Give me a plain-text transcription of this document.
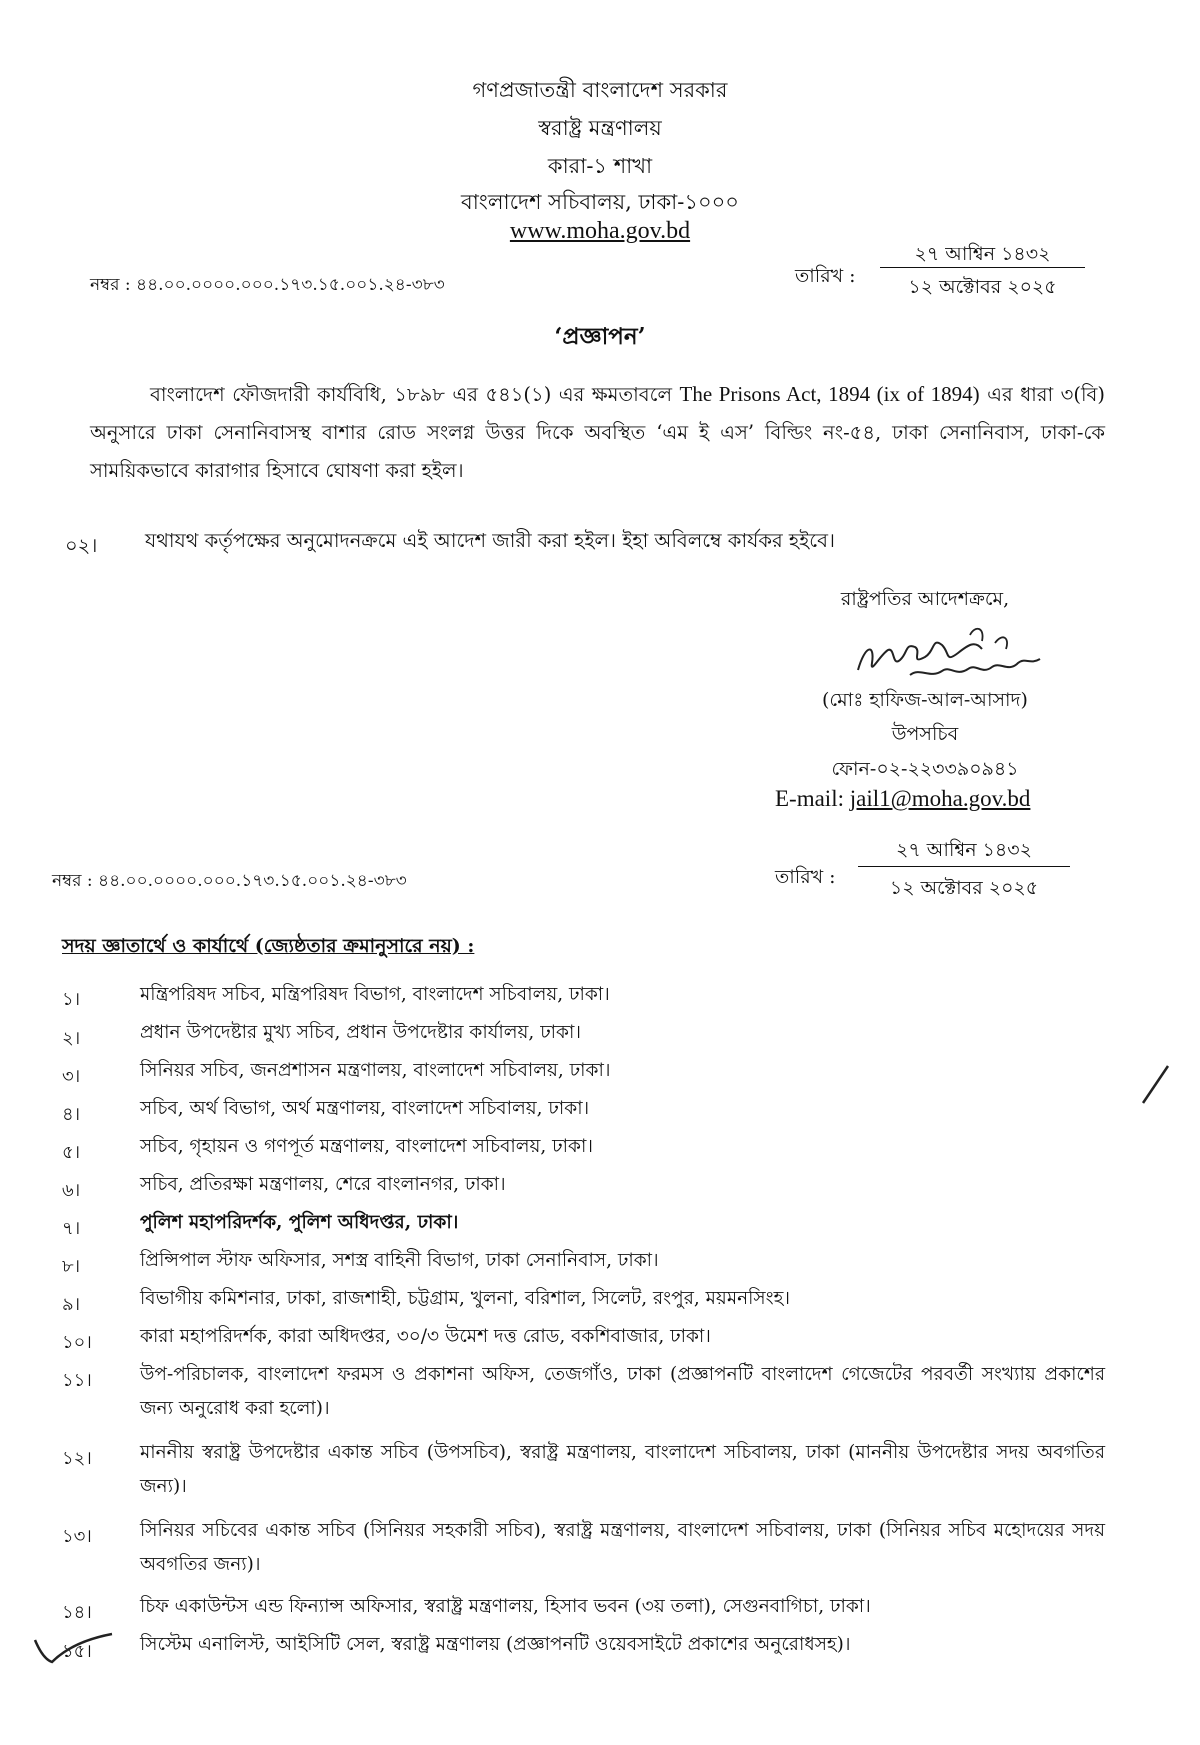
গণপ্রজাতন্ত্রী বাংলাদেশ সরকার
স্বরাষ্ট্র মন্ত্রণালয়
কারা-১ শাখা
বাংলাদেশ সচিবালয়, ঢাকা-১০০০
www.moha.gov.bd
নম্বর : ৪৪.০০.০০০০.০০০.১৭৩.১৫.০০১.২৪-৩৮৩	তারিখ :
২৭ আশ্বিন ১৪৩২
১২ অক্টোবর ২০২৫
‘প্রজ্ঞাপন’
বাংলাদেশ ফৌজদারী কার্যবিধি, ১৮৯৮ এর ৫৪১(১) এর ক্ষমতাবলে The Prisons Act, 1894 (ix of 1894) এর ধারা ৩(বি) অনুসারে ঢাকা সেনানিবাসস্থ বাশার রোড সংলগ্ন উত্তর দিকে অবস্থিত ‘এম ই এস’ বিল্ডিং নং-৫৪, ঢাকা সেনানিবাস, ঢাকা-কে সাময়িকভাবে কারাগার হিসাবে ঘোষণা করা হইল।
০২। যথাযথ কর্তৃপক্ষের অনুমোদনক্রমে এই আদেশ জারী করা হইল। ইহা অবিলম্বে কার্যকর হইবে।
রাষ্ট্রপতির আদেশক্রমে,
(মোঃ হাফিজ-আল-আসাদ)
উপসচিব
ফোন-০২-২২৩৩৯০৯৪১
E-mail: jail1@moha.gov.bd
নম্বর : ৪৪.০০.০০০০.০০০.১৭৩.১৫.০০১.২৪-৩৮৩	তারিখ :
২৭ আশ্বিন ১৪৩২
১২ অক্টোবর ২০২৫
সদয় জ্ঞাতার্থে ও কার্যার্থে (জ্যেষ্ঠতার ক্রমানুসারে নয়) :
১।	মন্ত্রিপরিষদ সচিব, মন্ত্রিপরিষদ বিভাগ, বাংলাদেশ সচিবালয়, ঢাকা।
২।	প্রধান উপদেষ্টার মুখ্য সচিব, প্রধান উপদেষ্টার কার্যালয়, ঢাকা।
৩।	সিনিয়র সচিব, জনপ্রশাসন মন্ত্রণালয়, বাংলাদেশ সচিবালয়, ঢাকা।
৪।	সচিব, অর্থ বিভাগ, অর্থ মন্ত্রণালয়, বাংলাদেশ সচিবালয়, ঢাকা।
৫।	সচিব, গৃহায়ন ও গণপূর্ত মন্ত্রণালয়, বাংলাদেশ সচিবালয়, ঢাকা।
৬।	সচিব, প্রতিরক্ষা মন্ত্রণালয়, শেরে বাংলানগর, ঢাকা।
৭।	পুলিশ মহাপরিদর্শক, পুলিশ অধিদপ্তর, ঢাকা।
৮।	প্রিন্সিপাল স্টাফ অফিসার, সশস্ত্র বাহিনী বিভাগ, ঢাকা সেনানিবাস, ঢাকা।
৯।	বিভাগীয় কমিশনার, ঢাকা, রাজশাহী, চট্টগ্রাম, খুলনা, বরিশাল, সিলেট, রংপুর, ময়মনসিংহ।
১০।	কারা মহাপরিদর্শক, কারা অধিদপ্তর, ৩০/৩ উমেশ দত্ত রোড, বকশিবাজার, ঢাকা।
১১।	উপ-পরিচালক, বাংলাদেশ ফরমস ও প্রকাশনা অফিস, তেজগাঁও, ঢাকা (প্রজ্ঞাপনটি বাংলাদেশ গেজেটের পরবর্তী সংখ্যায় প্রকাশের জন্য অনুরোধ করা হলো)।
১২।	মাননীয় স্বরাষ্ট্র উপদেষ্টার একান্ত সচিব (উপসচিব), স্বরাষ্ট্র মন্ত্রণালয়, বাংলাদেশ সচিবালয়, ঢাকা (মাননীয় উপদেষ্টার সদয় অবগতির জন্য)।
১৩।	সিনিয়র সচিবের একান্ত সচিব (সিনিয়র সহকারী সচিব), স্বরাষ্ট্র মন্ত্রণালয়, বাংলাদেশ সচিবালয়, ঢাকা (সিনিয়র সচিব মহোদয়ের সদয় অবগতির জন্য)।
১৪।	চিফ একাউন্টস এন্ড ফিন্যান্স অফিসার, স্বরাষ্ট্র মন্ত্রণালয়, হিসাব ভবন (৩য় তলা), সেগুনবাগিচা, ঢাকা।
১৫।	সিস্টেম এনালিস্ট, আইসিটি সেল, স্বরাষ্ট্র মন্ত্রণালয় (প্রজ্ঞাপনটি ওয়েবসাইটে প্রকাশের অনুরোধসহ)।
